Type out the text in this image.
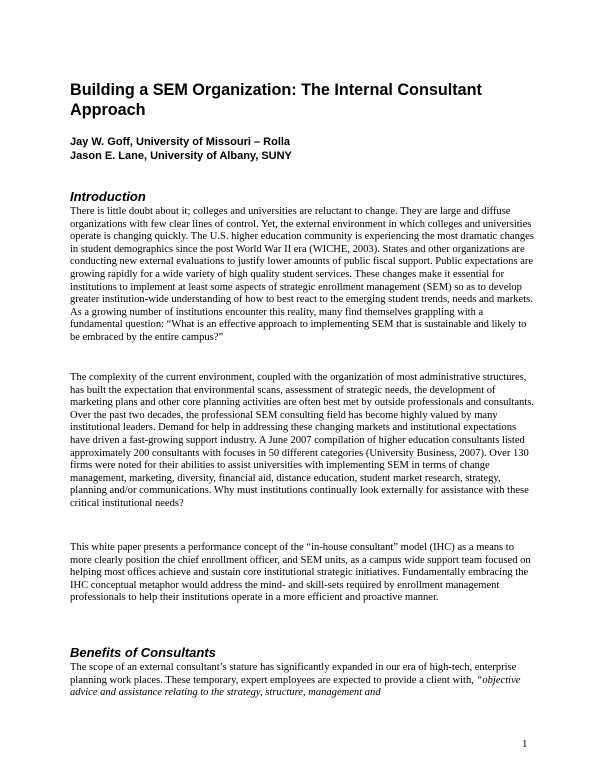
Building a SEM Organization: The Internal Consultant Approach
Jay W. Goff, University of Missouri – Rolla
Jason E. Lane, University of Albany, SUNY
Introduction

There is little doubt about it; colleges and universities are reluctant to change. They are large and diffuse organizations with few clear lines of control. Yet, the external environment in which colleges and universities operate is changing quickly. The U.S. higher education community is experiencing the most dramatic changes in student demographics since the post World War II era (WICHE, 2003). States and other organizations are conducting new external evaluations to justify lower amounts of public fiscal support. Public expectations are growing rapidly for a wide variety of high quality student services. These changes make it essential for institutions to implement at least some aspects of strategic enrollment management (SEM) so as to develop greater institution-wide understanding of how to best react to the emerging student trends, needs and markets. As a growing number of institutions encounter this reality, many find themselves grappling with a fundamental question: “What is an effective approach to implementing SEM that is sustainable and likely to be embraced by the entire campus?”

The complexity of the current environment, coupled with the organization of most administrative structures, has built the expectation that environmental scans, assessment of strategic needs, the development of marketing plans and other core planning activities are often best met by outside professionals and consultants. Over the past two decades, the professional SEM consulting field has become highly valued by many institutional leaders. Demand for help in addressing these changing markets and institutional expectations have driven a fast-growing support industry. A June 2007 compilation of higher education consultants listed approximately 200 consultants with focuses in 50 different categories (University Business, 2007). Over 130 firms were noted for their abilities to assist universities with implementing SEM in terms of change management, marketing, diversity, financial aid, distance education, student market research, strategy, planning and/or communications. Why must institutions continually look externally for assistance with these critical institutional needs?

This white paper presents a performance concept of the “in-house consultant” model (IHC) as a means to more clearly position the chief enrollment officer, and SEM units, as a campus wide support team focused on helping most offices achieve and sustain core institutional strategic initiatives. Fundamentally embracing the IHC conceptual metaphor would address the mind- and skill-sets required by enrollment management professionals to help their institutions operate in a more efficient and proactive manner.

Benefits of Consultants

The scope of an external consultant’s stature has significantly expanded in our era of high-tech, enterprise planning work places. These temporary, expert employees are expected to provide a client with, “objective advice and assistance relating to the strategy, structure, management and

1
